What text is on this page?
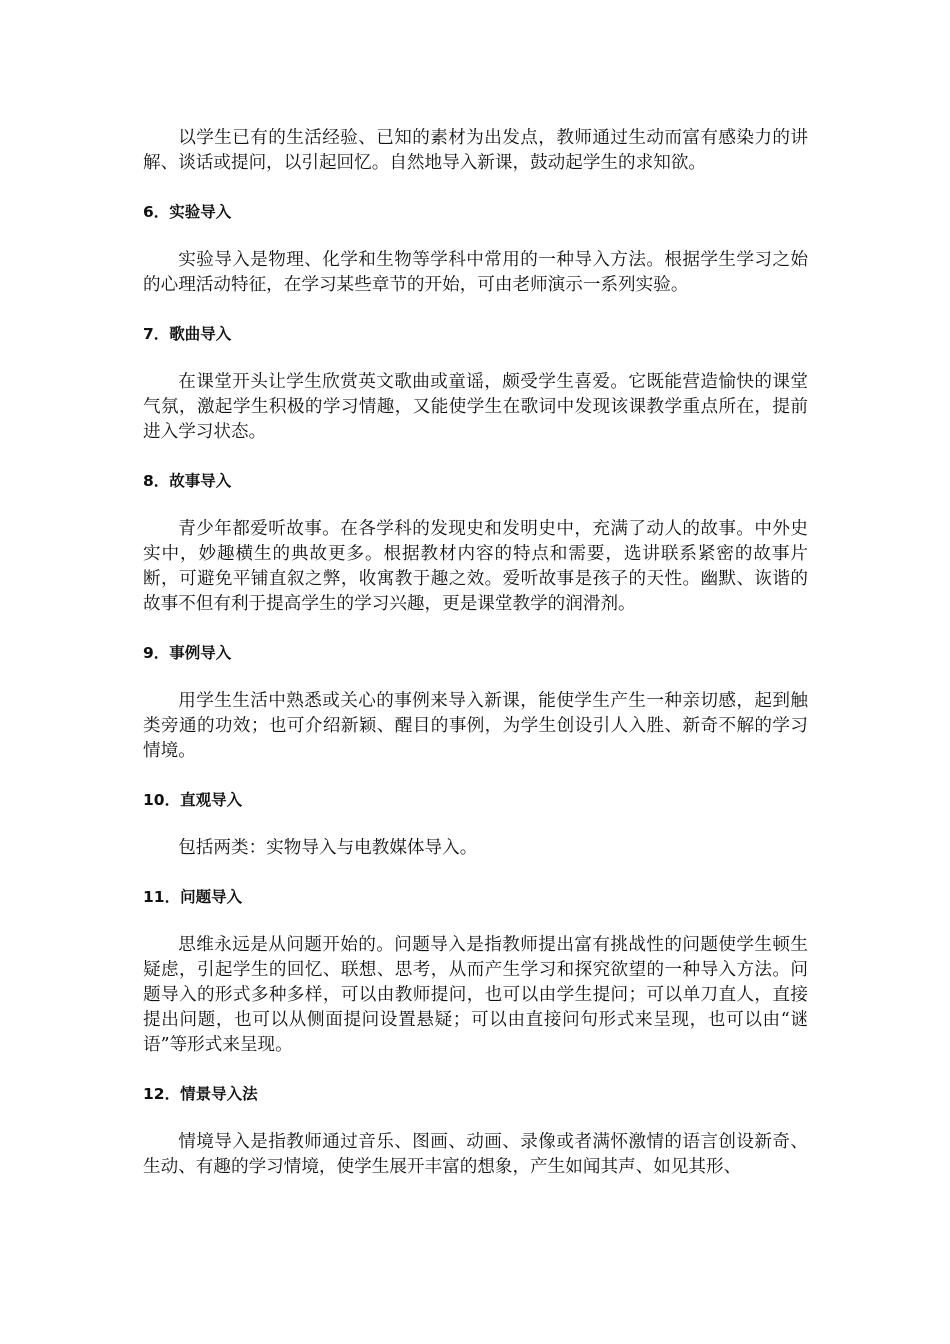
以学生已有的生活经验、已知的素材为出发点，教师通过生动而富有感染力的讲解、谈话或提问，以引起回忆。自然地导入新课，鼓动起学生的求知欲。

6．实验导入

实验导入是物理、化学和生物等学科中常用的一种导入方法。根据学生学习之始的心理活动特征，在学习某些章节的开始，可由老师演示一系列实验。

7．歌曲导入

在课堂开头让学生欣赏英文歌曲或童谣，颇受学生喜爱。它既能营造愉快的课堂气氛，激起学生积极的学习情趣，又能使学生在歌词中发现该课教学重点所在，提前进入学习状态。

8．故事导入

青少年都爱听故事。在各学科的发现史和发明史中，充满了动人的故事。中外史实中，妙趣横生的典故更多。根据教材内容的特点和需要，选讲联系紧密的故事片断，可避免平铺直叙之弊，收寓教于趣之效。爱听故事是孩子的天性。幽默、诙谐的故事不但有利于提高学生的学习兴趣，更是课堂教学的润滑剂。

9．事例导入

用学生生活中熟悉或关心的事例来导入新课，能使学生产生一种亲切感，起到触类旁通的功效；也可介绍新颖、醒目的事例，为学生创设引人入胜、新奇不解的学习情境。

10．直观导入

包括两类：实物导入与电教媒体导入。

11．问题导入

思维永远是从问题开始的。问题导入是指教师提出富有挑战性的问题使学生顿生疑虑，引起学生的回忆、联想、思考，从而产生学习和探究欲望的一种导入方法。问题导入的形式多种多样，可以由教师提问，也可以由学生提问；可以单刀直人，直接提出问题，也可以从侧面提问设置悬疑；可以由直接问句形式来呈现，也可以由“谜语”等形式来呈现。

12．情景导入法

情境导入是指教师通过音乐、图画、动画、录像或者满怀激情的语言创设新奇、生动、有趣的学习情境，使学生展开丰富的想象，产生如闻其声、如见其形、
